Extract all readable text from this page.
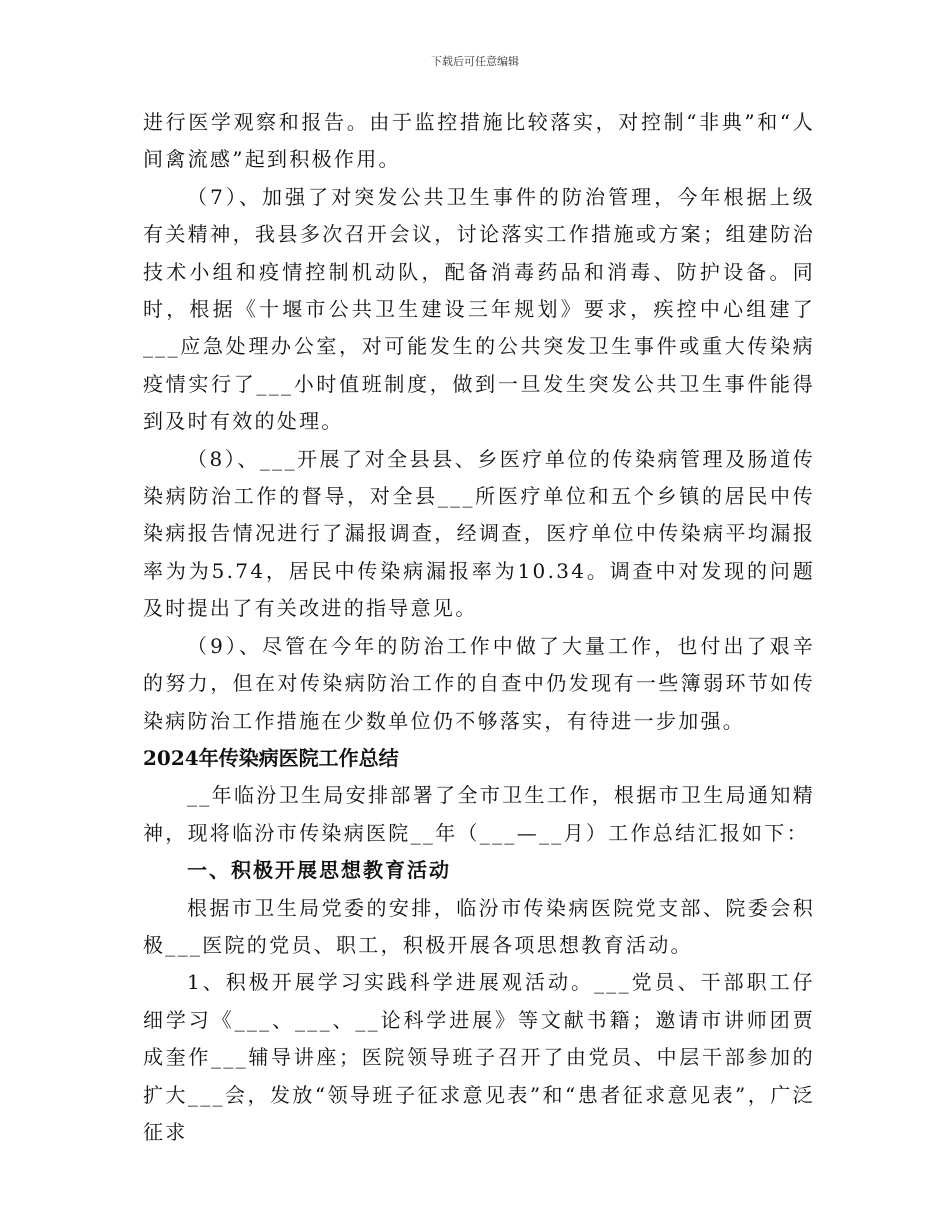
下载后可任意编辑

进行医学观察和报告。由于监控措施比较落实，对控制“非典”和“人间禽流感”起到积极作用。

（7）、加强了对突发公共卫生事件的防治管理，今年根据上级有关精神，我县多次召开会议，讨论落实工作措施或方案；组建防治技术小组和疫情控制机动队，配备消毒药品和消毒、防护设备。同时，根据《十堰市公共卫生建设三年规划》要求，疾控中心组建了___应急处理办公室，对可能发生的公共突发卫生事件或重大传染病疫情实行了___小时值班制度，做到一旦发生突发公共卫生事件能得到及时有效的处理。

（8）、___开展了对全县县、乡医疗单位的传染病管理及肠道传染病防治工作的督导，对全县___所医疗单位和五个乡镇的居民中传染病报告情况进行了漏报调查，经调查，医疗单位中传染病平均漏报率为为5.74，居民中传染病漏报率为10.34。调查中对发现的问题及时提出了有关改进的指导意见。

（9）、尽管在今年的防治工作中做了大量工作，也付出了艰辛的努力，但在对传染病防治工作的自查中仍发现有一些簿弱环节如传染病防治工作措施在少数单位仍不够落实，有待进一步加强。

2024年传染病医院工作总结

__年临汾卫生局安排部署了全市卫生工作，根据市卫生局通知精神，现将临汾市传染病医院__年（___—__月）工作总结汇报如下：

一、积极开展思想教育活动

根据市卫生局党委的安排，临汾市传染病医院党支部、院委会积极___医院的党员、职工，积极开展各项思想教育活动。

1、积极开展学习实践科学进展观活动。___党员、干部职工仔细学习《___、___、__论科学进展》等文献书籍；邀请市讲师团贾成奎作___辅导讲座；医院领导班子召开了由党员、中层干部参加的扩大___会，发放“领导班子征求意见表”和“患者征求意见表”，广泛征求
